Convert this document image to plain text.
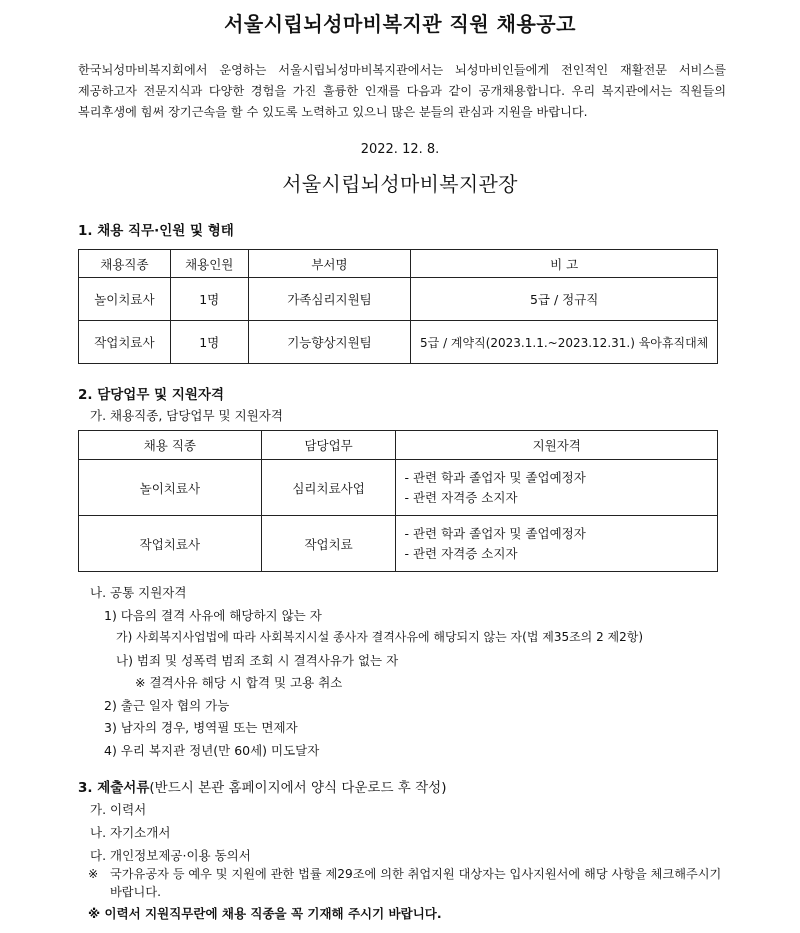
서울시립뇌성마비복지관 직원 채용공고
한국뇌성마비복지회에서 운영하는 서울시립뇌성마비복지관에서는 뇌성마비인들에게 전인적인 재활전문 서비스를 제공하고자 전문지식과 다양한 경험을 가진 훌륭한 인재를 다음과 같이 공개채용합니다. 우리 복지관에서는 직원들의 복리후생에 힘써 장기근속을 할 수 있도록 노력하고 있으니 많은 분들의 관심과 지원을 바랍니다.
2022. 12. 8.
서울시립뇌성마비복지관장
1. 채용 직무·인원 및 형태
채용직종	채용인원	부서명	비 고
놀이치료사	1명	가족심리지원팀	5급 / 정규직
작업치료사	1명	기능향상지원팀	5급 / 계약직(2023.1.1.~2023.12.31.) 육아휴직대체
2. 담당업무 및 지원자격
가. 채용직종, 담당업무 및 지원자격
채용 직종	담당업무	지원자격
놀이치료사	심리치료사업	- 관련 학과 졸업자 및 졸업예정자
- 관련 자격증 소지자

작업치료사	작업치료	- 관련 학과 졸업자 및 졸업예정자
- 관련 자격증 소지자
나. 공통 지원자격
1) 다음의 결격 사유에 해당하지 않는 자
가) 사회복지사업법에 따라 사회복지시설 종사자 결격사유에 해당되지 않는 자(법 제35조의 2 제2항)
나) 범죄 및 성폭력 범죄 조회 시 결격사유가 없는 자
※ 결격사유 해당 시 합격 및 고용 취소
2) 출근 일자 협의 가능
3) 남자의 경우, 병역필 또는 면제자
4) 우리 복지관 정년(만 60세) 미도달자
3. 제출서류(반드시 본관 홈페이지에서 양식 다운로드 후 작성)
가. 이력서
나. 자기소개서
다. 개인정보제공·이용 동의서
※ 국가유공자 등 예우 및 지원에 관한 법률 제29조에 의한 취업지원 대상자는 입사지원서에 해당 사항을 체크해주시기 바랍니다.
※ 이력서 지원직무란에 채용 직종을 꼭 기재해 주시기 바랍니다.
